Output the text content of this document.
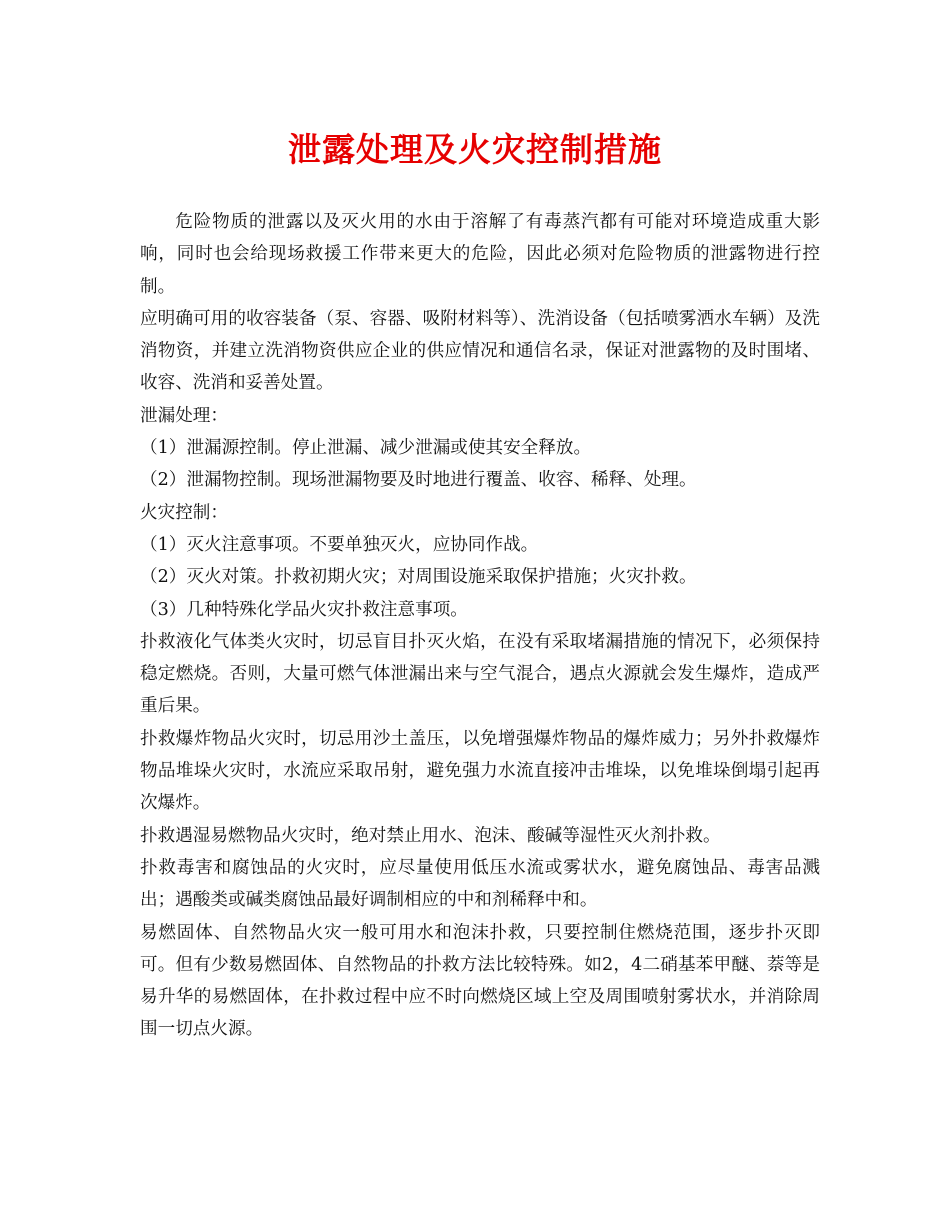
泄露处理及火灾控制措施

危险物质的泄露以及灭火用的水由于溶解了有毒蒸汽都有可能对环境造成重大影响，同时也会给现场救援工作带来更大的危险，因此必须对危险物质的泄露物进行控制。

应明确可用的收容装备（泵、容器、吸附材料等）、洗消设备（包括喷雾洒水车辆）及洗消物资，并建立洗消物资供应企业的供应情况和通信名录，保证对泄露物的及时围堵、收容、洗消和妥善处置。

泄漏处理：

（1）泄漏源控制。停止泄漏、减少泄漏或使其安全释放。

（2）泄漏物控制。现场泄漏物要及时地进行覆盖、收容、稀释、处理。

火灾控制：

（1）灭火注意事项。不要单独灭火，应协同作战。

（2）灭火对策。扑救初期火灾；对周围设施采取保护措施；火灾扑救。

（3）几种特殊化学品火灾扑救注意事项。

扑救液化气体类火灾时，切忌盲目扑灭火焰，在没有采取堵漏措施的情况下，必须保持稳定燃烧。否则，大量可燃气体泄漏出来与空气混合，遇点火源就会发生爆炸，造成严重后果。

扑救爆炸物品火灾时，切忌用沙土盖压，以免增强爆炸物品的爆炸威力；另外扑救爆炸物品堆垛火灾时，水流应采取吊射，避免强力水流直接冲击堆垛，以免堆垛倒塌引起再次爆炸。

扑救遇湿易燃物品火灾时，绝对禁止用水、泡沫、酸碱等湿性灭火剂扑救。

扑救毒害和腐蚀品的火灾时，应尽量使用低压水流或雾状水，避免腐蚀品、毒害品溅出；遇酸类或碱类腐蚀品最好调制相应的中和剂稀释中和。

易燃固体、自然物品火灾一般可用水和泡沫扑救，只要控制住燃烧范围，逐步扑灭即可。但有少数易燃固体、自然物品的扑救方法比较特殊。如2，4二硝基苯甲醚、萘等是易升华的易燃固体，在扑救过程中应不时向燃烧区域上空及周围喷射雾状水，并消除周围一切点火源。
